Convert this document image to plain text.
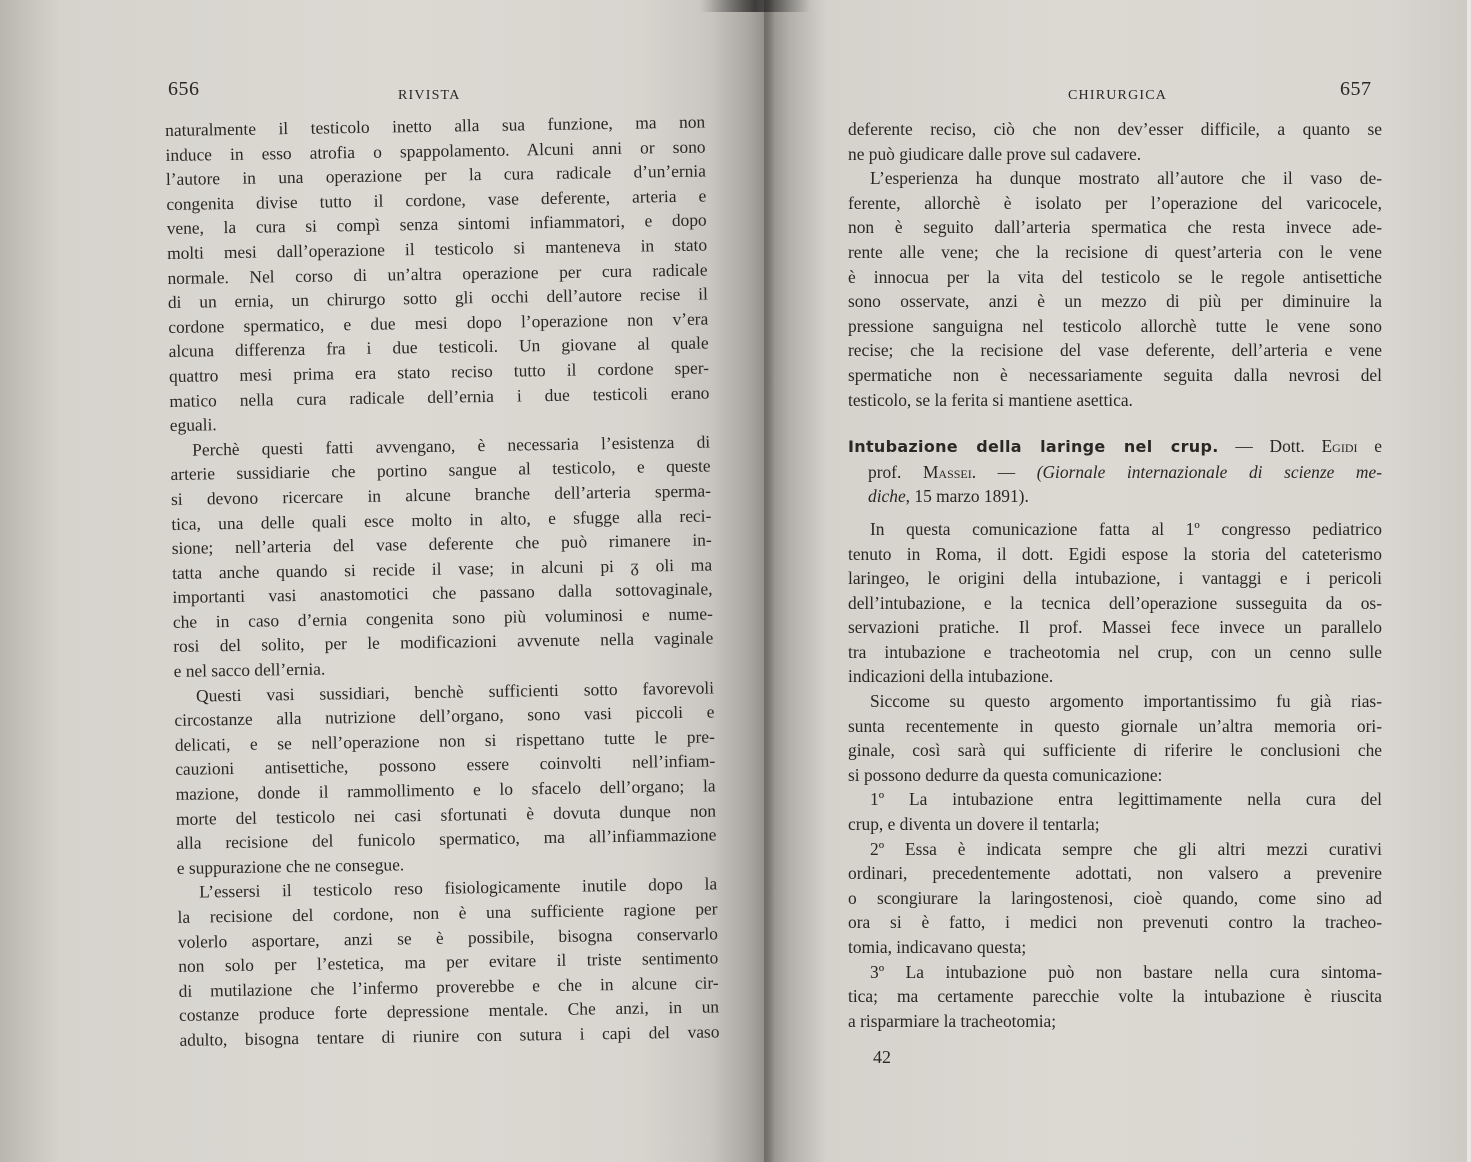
656	RIVISTA
naturalmente il testicolo inetto alla sua funzione, ma non
induce in esso atrofia o spappolamento. Alcuni anni or sono
l’autore in una operazione per la cura radicale d’un’ernia
congenita divise tutto il cordone, vase deferente, arteria e
vene, la cura si compì senza sintomi infiammatori, e dopo
molti mesi dall’operazione il testicolo si manteneva in stato
normale. Nel corso di un’altra operazione per cura radicale
di un ernia, un chirurgo sotto gli occhi dell’autore recise il
cordone spermatico, e due mesi dopo l’operazione non v’era
alcuna differenza fra i due testicoli. Un giovane al quale
quattro mesi prima era stato reciso tutto il cordone sper-
matico nella cura radicale dell’ernia i due testicoli erano
eguali.
Perchè questi fatti avvengano, è necessaria l’esistenza di
arterie sussidiarie che portino sangue al testicolo, e queste
si devono ricercare in alcune branche dell’arteria sperma-
tica, una delle quali esce molto in alto, e sfugge alla reci-
sione; nell’arteria del vase deferente che può rimanere in-
tatta anche quando si recide il vase; in alcuni pi ᵹ oli ma
importanti vasi anastomotici che passano dalla sottovaginale,
che in caso d’ernia congenita sono più voluminosi e nume-
rosi del solito, per le modificazioni avvenute nella vaginale
e nel sacco dell’ernia.
Questi vasi sussidiari, benchè sufficienti sotto favorevoli
circostanze alla nutrizione dell’organo, sono vasi piccoli e
delicati, e se nell’operazione non si rispettano tutte le pre-
cauzioni antisettiche, possono essere coinvolti nell’infiam-
mazione, donde il rammollimento e lo sfacelo dell’organo; la
morte del testicolo nei casi sfortunati è dovuta dunque non
alla recisione del funicolo spermatico, ma all’infiammazione
e suppurazione che ne consegue.
L’essersi il testicolo reso fisiologicamente inutile dopo la
la recisione del cordone, non è una sufficiente ragione per
volerlo asportare, anzi se è possibile, bisogna conservarlo
non solo per l’estetica, ma per evitare il triste sentimento
di mutilazione che l’infermo proverebbe e che in alcune cir-
costanze produce forte depressione mentale. Che anzi, in un
adulto, bisogna tentare di riunire con sutura i capi del vaso
CHIRURGICA	657
deferente reciso, ciò che non dev’esser difficile, a quanto se
ne può giudicare dalle prove sul cadavere.
L’esperienza ha dunque mostrato all’autore che il vaso de-
ferente, allorchè è isolato per l’operazione del varicocele,
non è seguito dall’arteria spermatica che resta invece ade-
rente alle vene; che la recisione di quest’arteria con le vene
è innocua per la vita del testicolo se le regole antisettiche
sono osservate, anzi è un mezzo di più per diminuire la
pressione sanguigna nel testicolo allorchè tutte le vene sono
recise; che la recisione del vase deferente, dell’arteria e vene
spermatiche non è necessariamente seguita dalla nevrosi del
testicolo, se la ferita si mantiene asettica.
Intubazione della laringe nel crup. — Dott. Egidi e
prof. Massei. — (Giornale internazionale di scienze me-
diche, 15 marzo 1891).
In questa comunicazione fatta al 1º congresso pediatrico
tenuto in Roma, il dott. Egidi espose la storia del cateterismo
laringeo, le origini della intubazione, i vantaggi e i pericoli
dell’intubazione, e la tecnica dell’operazione susseguita da os-
servazioni pratiche. Il prof. Massei fece invece un parallelo
tra intubazione e tracheotomia nel crup, con un cenno sulle
indicazioni della intubazione.
Siccome su questo argomento importantissimo fu già rias-
sunta recentemente in questo giornale un’altra memoria ori-
ginale, così sarà qui sufficiente di riferire le conclusioni che
si possono dedurre da questa comunicazione:
1º La intubazione entra legittimamente nella cura del
crup, e diventa un dovere il tentarla;
2º Essa è indicata sempre che gli altri mezzi curativi
ordinari, precedentemente adottati, non valsero a prevenire
o scongiurare la laringostenosi, cioè quando, come sino ad
ora si è fatto, i medici non prevenuti contro la tracheo-
tomia, indicavano questa;
3º La intubazione può non bastare nella cura sintoma-
tica; ma certamente parecchie volte la intubazione è riuscita
a risparmiare la tracheotomia;
42
